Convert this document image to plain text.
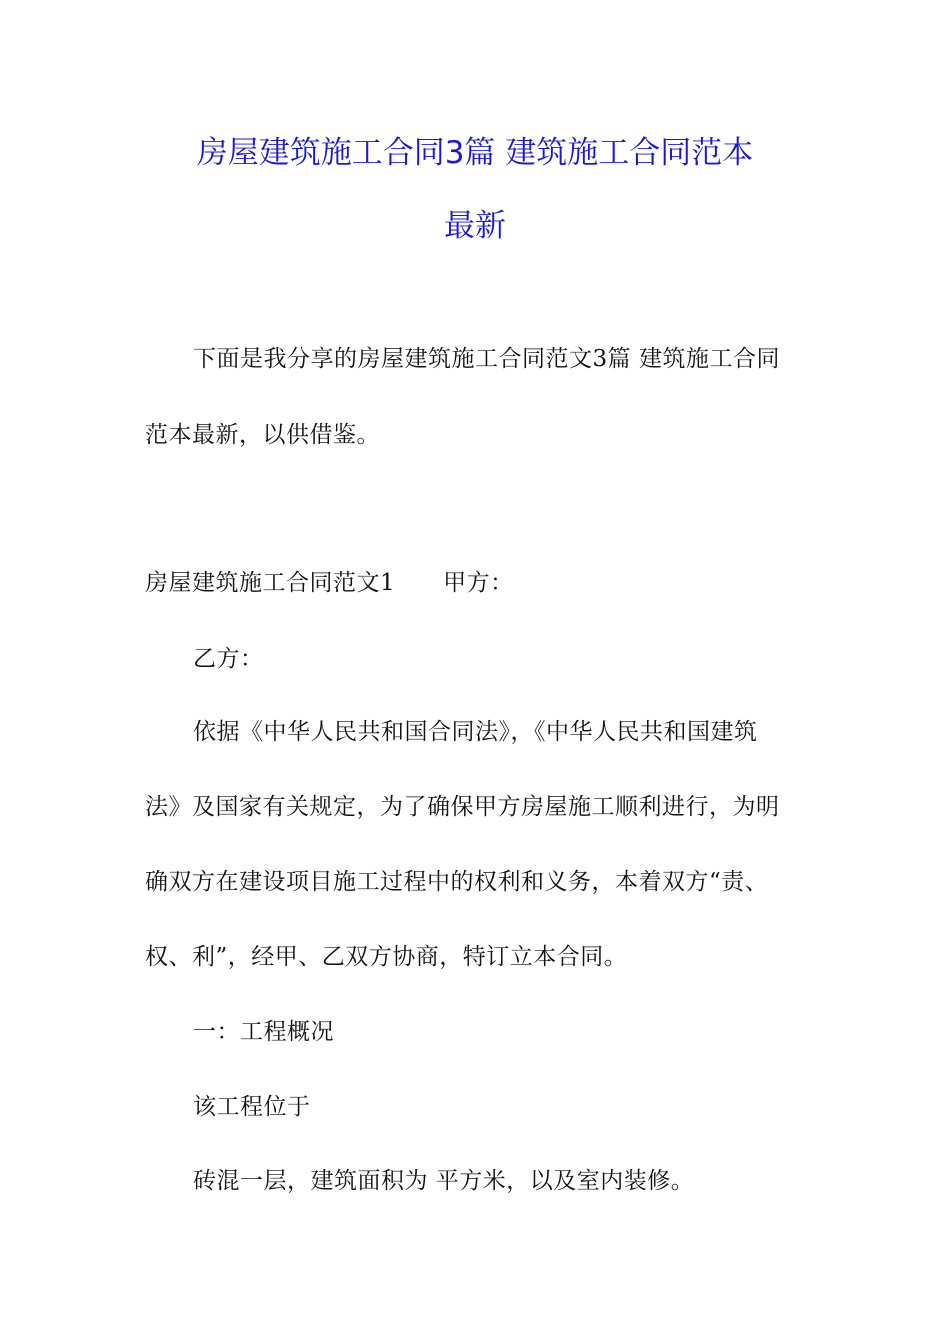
房屋建筑施工合同3篇 建筑施工合同范本
最新
下面是我分享的房屋建筑施工合同范文3篇 建筑施工合同
范本最新，以供借鉴。
房屋建筑施工合同范文1 甲方：
乙方：
依据《中华人民共和国合同法》，《中华人民共和国建筑
法》及国家有关规定，为了确保甲方房屋施工顺利进行，为明
确双方在建设项目施工过程中的权利和义务，本着双方“责、
权、利”，经甲、乙双方协商，特订立本合同。
一：工程概况
该工程位于
砖混一层，建筑面积为 平方米，以及室内装修。
